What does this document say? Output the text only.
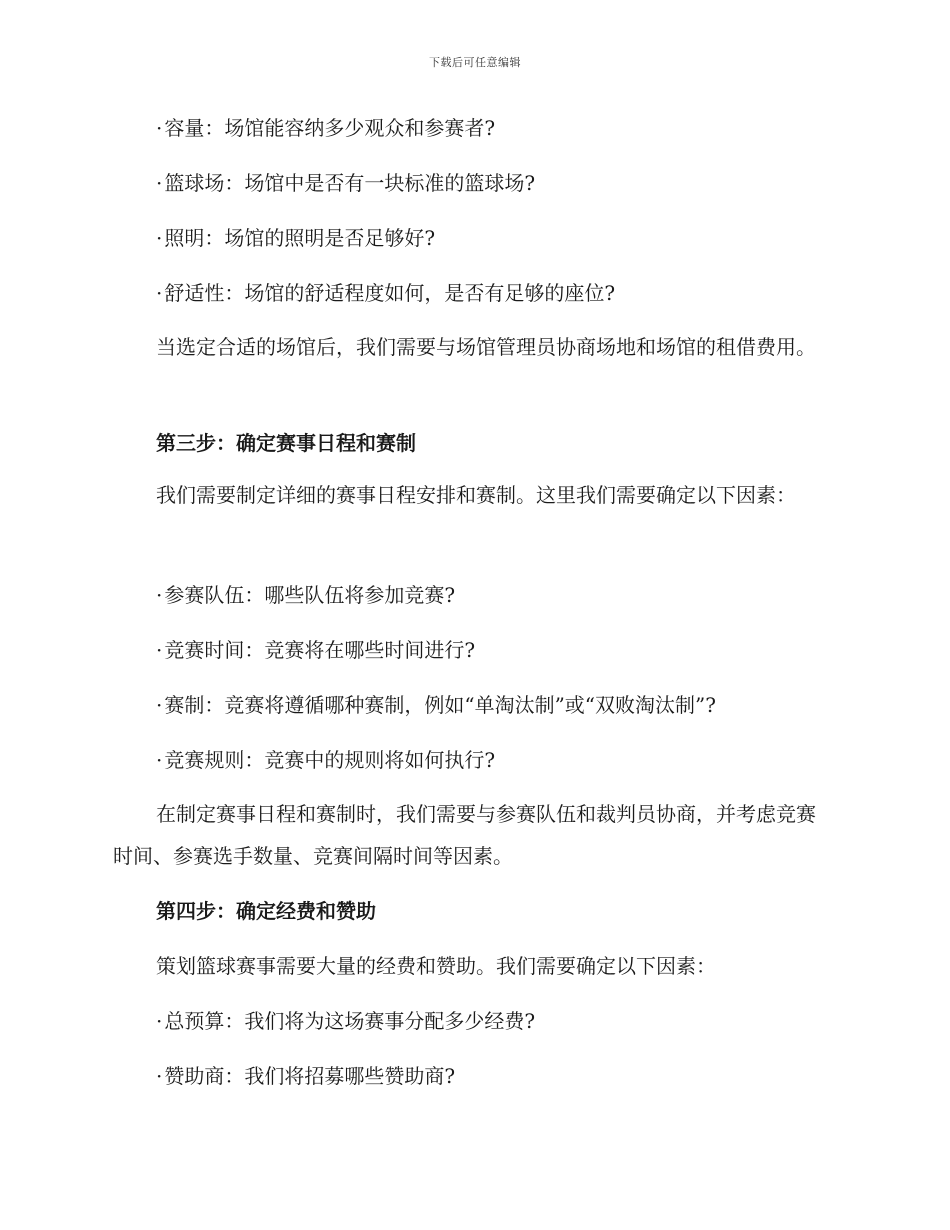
下载后可任意编辑
· 容量：场馆能容纳多少观众和参赛者?
· 篮球场：场馆中是否有一块标准的篮球场?
· 照明：场馆的照明是否足够好?
· 舒适性：场馆的舒适程度如何，是否有足够的座位?
当选定合适的场馆后，我们需要与场馆管理员协商场地和场馆的租借费用。
第三步：确定赛事日程和赛制
我们需要制定详细的赛事日程安排和赛制。这里我们需要确定以下因素：
· 参赛队伍：哪些队伍将参加竞赛?
· 竞赛时间：竞赛将在哪些时间进行?
· 赛制：竞赛将遵循哪种赛制，例如“单淘汰制”或“双败淘汰制”?
· 竞赛规则：竞赛中的规则将如何执行?
在制定赛事日程和赛制时，我们需要与参赛队伍和裁判员协商，并考虑竞赛时间、参赛选手数量、竞赛间隔时间等因素。
第四步：确定经费和赞助
策划篮球赛事需要大量的经费和赞助。我们需要确定以下因素：
· 总预算：我们将为这场赛事分配多少经费?
· 赞助商：我们将招募哪些赞助商?
